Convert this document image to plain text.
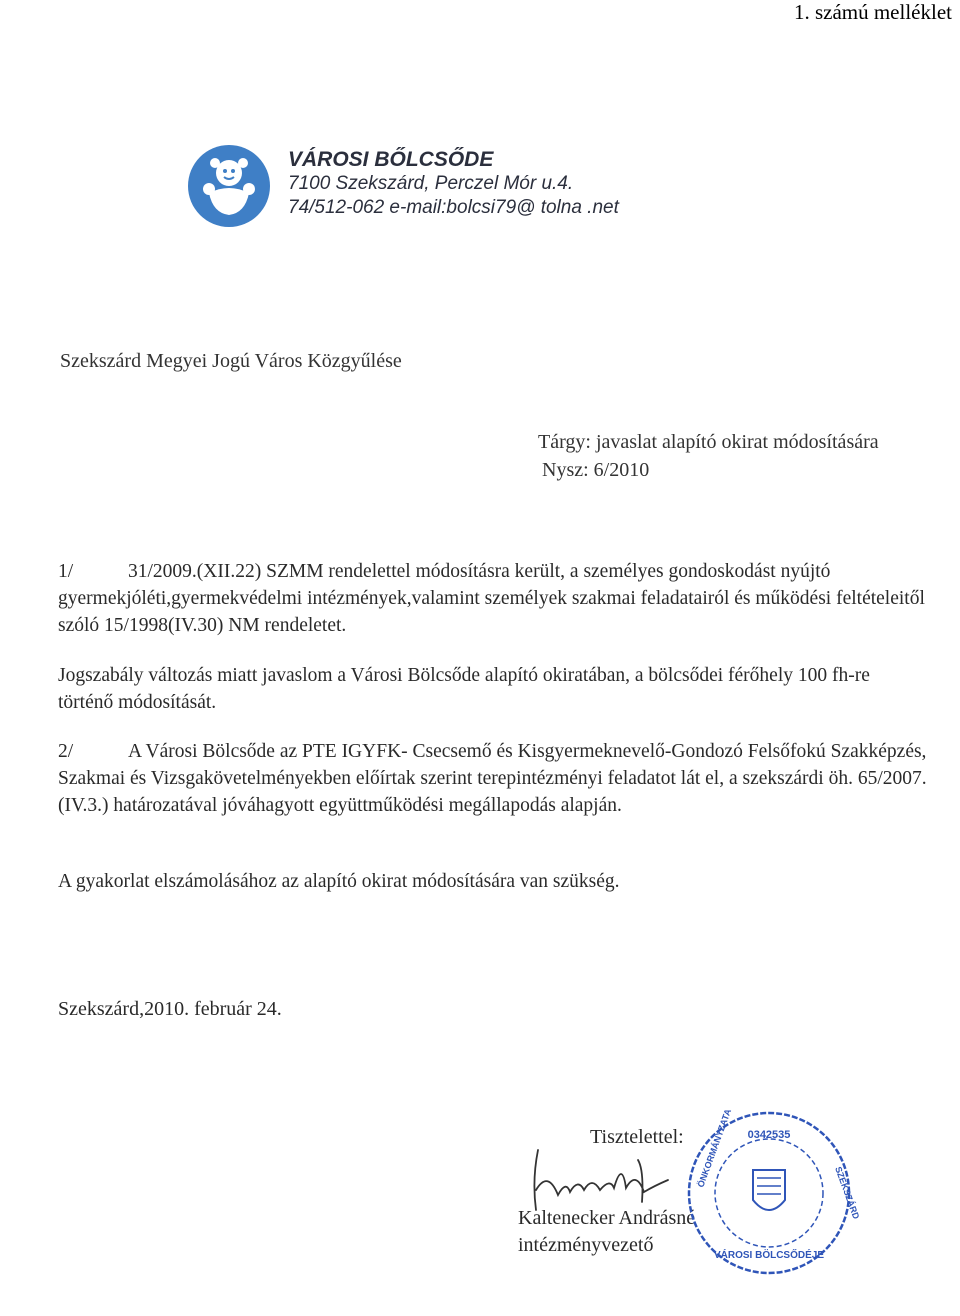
1. számú melléklet
VÁROSI BŐLCSŐDE
7100 Szekszárd, Perczel Mór u.4.
74/512-062 e-mail:bolcsi79@ tolna .net
Szekszárd Megyei Jogú Város Közgyűlése
Tárgy: javaslat alapító okirat módosítására
Nysz: 6/2010

1/	31/2009.(XII.22) SZMM rendelettel módosításra került, a személyes gondoskodást nyújtó gyermekjóléti,gyermekvédelmi intézmények,valamint személyek szakmai feladatairól és működési feltételeitől szóló 15/1998(IV.30) NM rendeletet.

Jogszabály változás miatt javaslom a Városi Bölcsőde alapító okiratában, a bölcsődei férőhely 100 fh-re történő módosítását.

2/	A Városi Bölcsőde az PTE IGYFK- Csecsemő és Kisgyermeknevelő-Gondozó Felsőfokú Szakképzés, Szakmai és Vizsgakövetelményekben előírtak szerint terepintézményi feladatot lát el, a szekszárdi öh. 65/2007.(IV.3.) határozatával jóváhagyott együttműködési megállapodás alapján.

A gyakorlat elszámolásához az alapító okirat módosítására van szükség.

Szekszárd,2010. február 24.
Tisztelettel:
Kaltenecker Andrásné
intézményvezető
0342535
VÁROSI BÖLCSŐDÉJE
ÖNKORMÁNYZATA
SZEKSZÁRD
